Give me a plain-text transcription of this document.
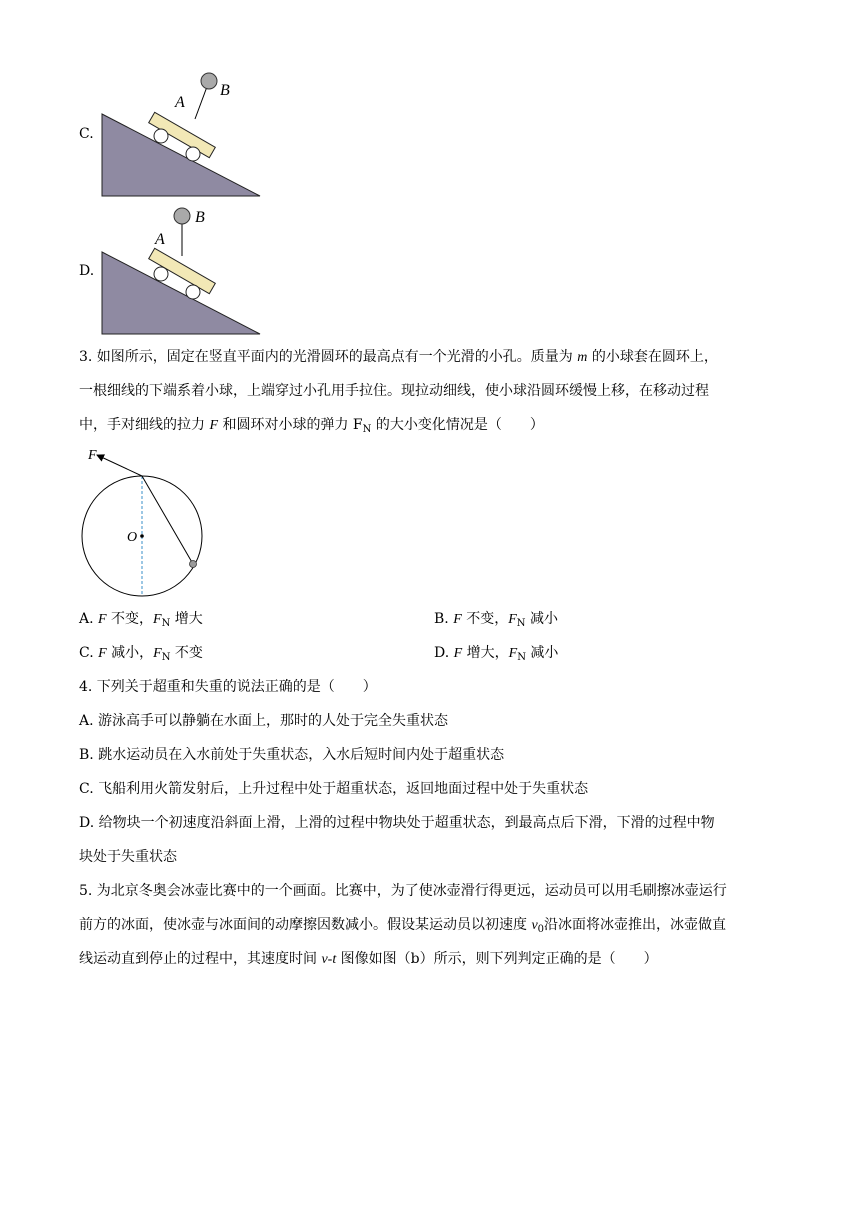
C.
A
B
D.
A
B
3. 如图所示，固定在竖直平面内的光滑圆环的最高点有一个光滑的小孔。质量为 m 的小球套在圆环上，
一根细线的下端系着小球，上端穿过小孔用手拉住。现拉动细线，使小球沿圆环缓慢上移，在移动过程
中，手对细线的拉力 F 和圆环对小球的弹力 $F_N$ 的大小变化情况是（　　）
F
O
A. F 不变，$F_N$ 增大	B. F 不变，$F_N$ 减小
C. F 减小，$F_N$ 不变	D. F 增大，$F_N$ 减小
4. 下列关于超重和失重的说法正确的是（　　）
A. 游泳高手可以静躺在水面上，那时的人处于完全失重状态
B. 跳水运动员在入水前处于失重状态，入水后短时间内处于超重状态
C. 飞船利用火箭发射后，上升过程中处于超重状态，返回地面过程中处于失重状态
D. 给物块一个初速度沿斜面上滑，上滑的过程中物块处于超重状态，到最高点后下滑，下滑的过程中物
块处于失重状态
5. 为北京冬奥会冰壶比赛中的一个画面。比赛中，为了使冰壶滑行得更远，运动员可以用毛刷擦冰壶运行
前方的冰面，使冰壶与冰面间的动摩擦因数减小。假设某运动员以初速度 $v_0$沿冰面将冰壶推出，冰壶做直
线运动直到停止的过程中，其速度时间 v-t 图像如图（b）所示，则下列判定正确的是（　　）
